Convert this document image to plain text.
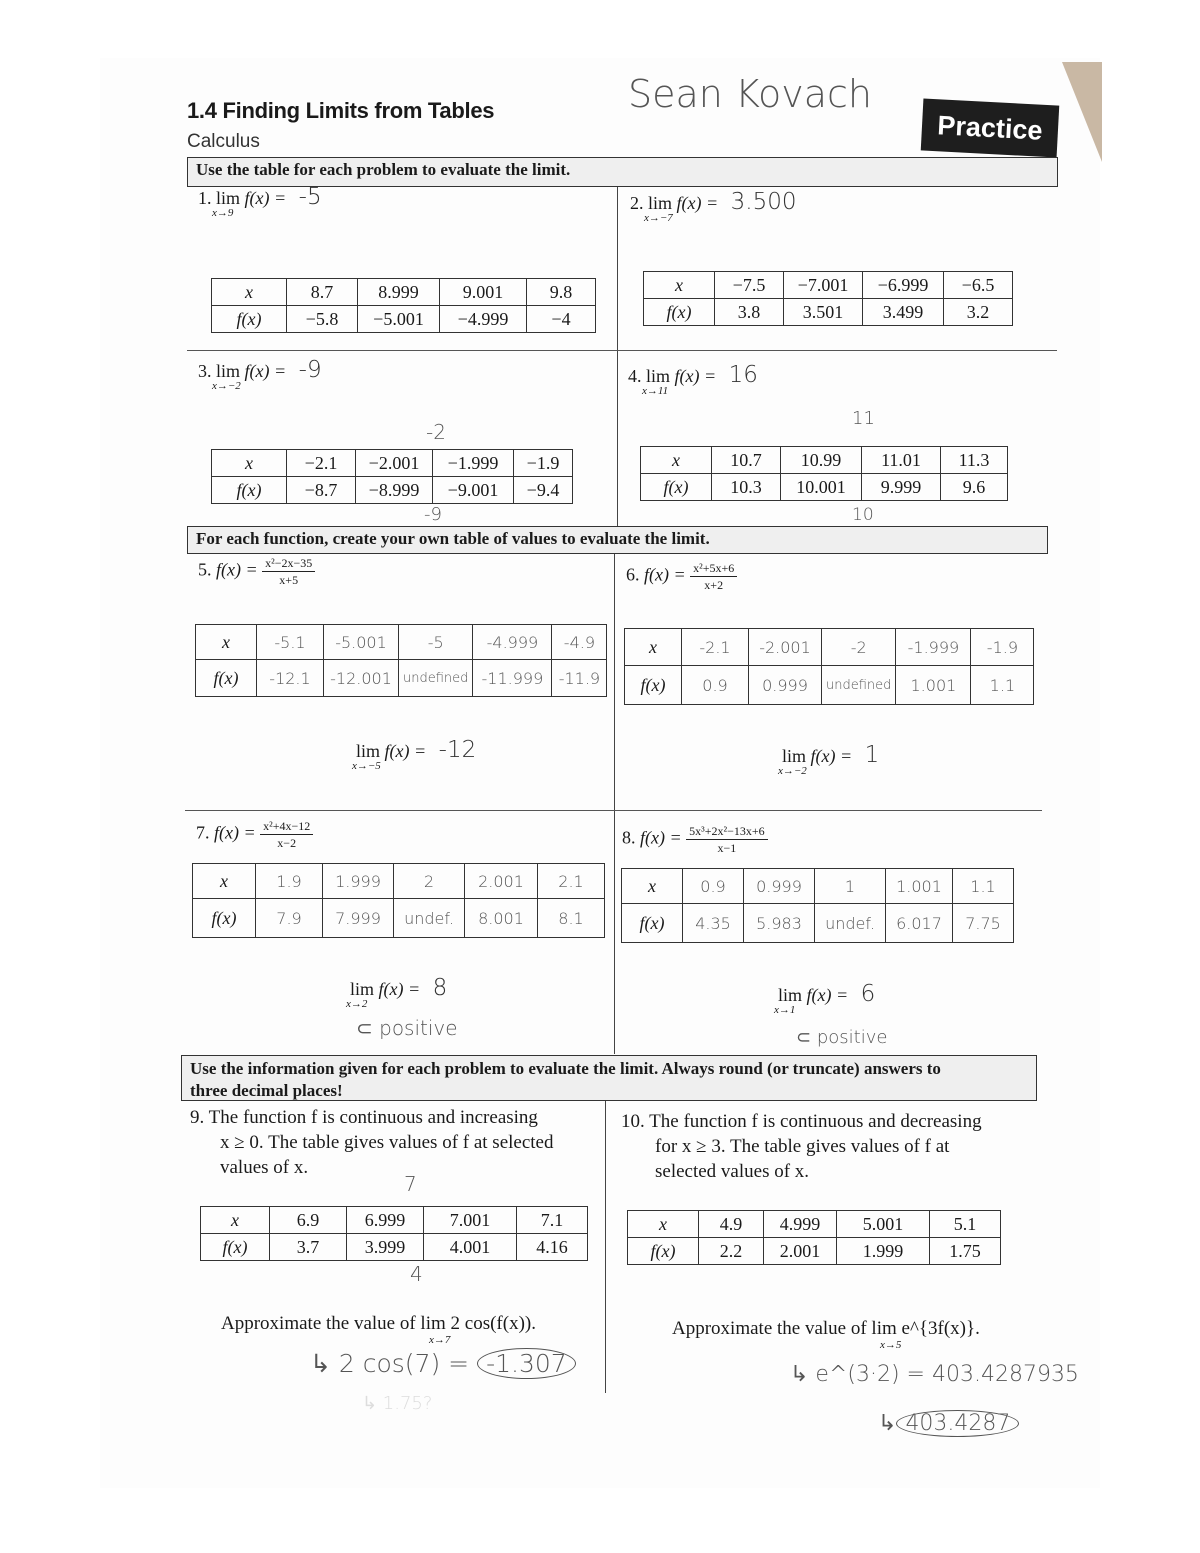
1.4 Finding Limits from Tables
Calculus
Sean Kovach
Practice
Use the table for each problem to evaluate the limit.
1. lim
x→9
f(x) = -5
x	8.7	8.999	9.001	9.8
f(x)	−5.8	−5.001	−4.999	−4
2. lim
x→−7
f(x) = 3.500
x	−7.5	−7.001	−6.999	−6.5
f(x)	3.8	3.501	3.499	3.2
3. lim
x→−2
f(x) = -9
-2
x	−2.1	−2.001	−1.999	−1.9
f(x)	−8.7	−8.999	−9.001	−9.4
-9
4. lim
x→11
f(x) = 16
11
x	10.7	10.99	11.01	11.3
f(x)	10.3	10.001	9.999	9.6
10
For each function, create your own table of values to evaluate the limit.
5. $f(x) = \frac{\text{x²−2x−35}}{x+5}$
x	-5.1	-5.001	-5	-4.999	-4.9
f(x)	-12.1	-12.001	undefined	-11.999	-11.9
lim
x→−5
f(x) = -12
6. $f(x) = \frac{\text{x²+5x+6}}{x+2}$
x	-2.1	-2.001	-2	-1.999	-1.9
f(x)	0.9	0.999	undefined	1.001	1.1
lim
x→−2
f(x) = 1
7. $f(x) = \frac{\text{x²+4x−12}}{x-2}$
x	1.9	1.999	2	2.001	2.1
f(x)	7.9	7.999	undef.	8.001	8.1
lim
x→2
f(x) = 8
⊂ positive
8. $f(x) = \frac{\text{5x³+2x²−13x+6}}{x-1}$
x	0.9	0.999	1	1.001	1.1
f(x)	4.35	5.983	undef.	6.017	7.75
lim
x→1
f(x) = 6
⊂ positive
Use the information given for each problem to evaluate the limit. Always round (or truncate) answers to
three decimal places!
9. The function f is continuous and increasing
x ≥ 0. The table gives values of f at selected
values of x.
7
x	6.9	6.999	7.001	7.1
f(x)	3.7	3.999	4.001	4.16
4
Approximate the value of lim 2 cos(f(x)).
x→7
↳ 2 cos(7) = -1.307
↳ 1.75?
10. The function f is continuous and decreasing
for x ≥ 3. The table gives values of f at
selected values of x.
x	4.9	4.999	5.001	5.1
f(x)	2.2	2.001	1.999	1.75
Approximate the value of lim e^{3f(x)}.
x→5
↳ e^(3·2) = 403.4287935
↳ 403.4287
